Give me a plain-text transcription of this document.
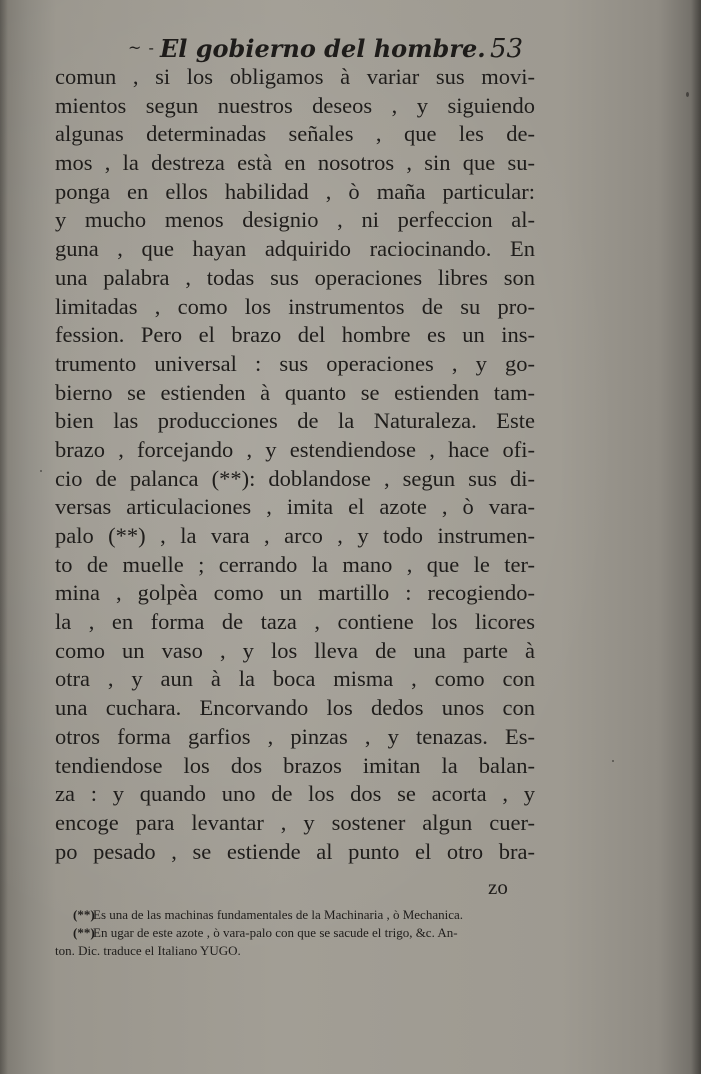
~ - El gobierno del hombre. 53
comun , si los obligamos à variar sus movi-
mientos segun nuestros deseos , y siguiendo
algunas determinadas señales , que les de-
mos , la destreza està en nosotros , sin que su-
ponga en ellos habilidad , ò maña particular:
y mucho menos designio , ni perfeccion al-
guna , que hayan adquirido raciocinando. En
una palabra , todas sus operaciones libres son
limitadas , como los instrumentos de su pro-
fession. Pero el brazo del hombre es un ins-
trumento universal : sus operaciones , y go-
bierno se estienden à quanto se estienden tam-
bien las producciones de la Naturaleza. Este
brazo , forcejando , y estendiendose , hace ofi-
cio de palanca (**): doblandose , segun sus di-
versas articulaciones , imita el azote , ò vara-
palo (**) , la vara , arco , y todo instrumen-
to de muelle ; cerrando la mano , que le ter-
mina , golpèa como un martillo : recogiendo-
la , en forma de taza , contiene los licores
como un vaso , y los lleva de una parte à
otra , y aun à la boca misma , como con
una cuchara. Encorvando los dedos unos con
otros forma garfios , pinzas , y tenazas. Es-
tendiendose los dos brazos imitan la balan-
za : y quando uno de los dos se acorta , y
encoge para levantar , y sostener algun cuer-
po pesado , se estiende al punto el otro bra-
zo
(**)Es una de las machinas fundamentales de la Machinaria , ò Mechanica.
(**)En ugar de este azote , ò vara-palo con que se sacude el trigo, &c. An-
ton. Dic. traduce el Italiano YUGO.
